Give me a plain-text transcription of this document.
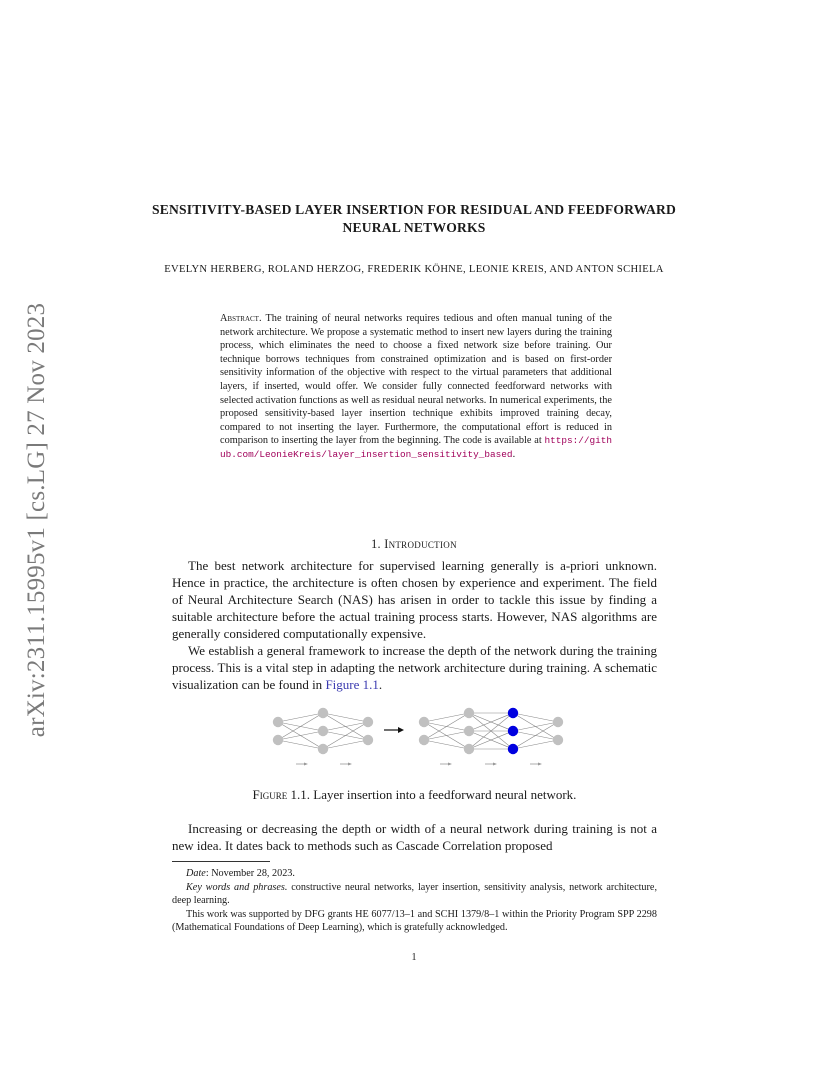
arXiv:2311.15995v1 [cs.LG] 27 Nov 2023
SENSITIVITY-BASED LAYER INSERTION FOR RESIDUAL AND FEEDFORWARD NEURAL NETWORKS
EVELYN HERBERG, ROLAND HERZOG, FREDERIK KÖHNE, LEONIE KREIS, AND ANTON SCHIELA
Abstract. The training of neural networks requires tedious and often manual tuning of the network architecture. We propose a systematic method to insert new layers during the training process, which eliminates the need to choose a fixed network size before training. Our technique borrows techniques from constrained optimization and is based on first-order sensitivity information of the objective with respect to the virtual parameters that additional layers, if inserted, would offer. We consider fully connected feedforward networks with selected activation functions as well as residual neural networks. In numerical experiments, the proposed sensitivity-based layer insertion technique exhibits improved training decay, compared to not inserting the layer. Furthermore, the computational effort is reduced in comparison to inserting the layer from the beginning. The code is available at https://github.com/LeonieKreis/layer_insertion_sensitivity_based.
1. Introduction

The best network architecture for supervised learning generally is a-priori unknown. Hence in practice, the architecture is often chosen by experience and experiment. The field of Neural Architecture Search (NAS) has arisen in order to tackle this issue by finding a suitable architecture before the actual training process starts. However, NAS algorithms are generally considered computationally expensive.

We establish a general framework to increase the depth of the network during the training process. This is a vital step in adapting the network architecture during training. A schematic visualization can be found in Figure 1.1.

Figure 1.1. Layer insertion into a feedforward neural network.

Increasing or decreasing the depth or width of a neural network during training is not a new idea. It dates back to methods such as Cascade Correlation proposed

Date: November 28, 2023.

Key words and phrases. constructive neural networks, layer insertion, sensitivity analysis, network architecture, deep learning.

This work was supported by DFG grants HE 6077/13–1 and SCHI 1379/8–1 within the Priority Program SPP 2298 (Mathematical Foundations of Deep Learning), which is gratefully acknowledged.

1
